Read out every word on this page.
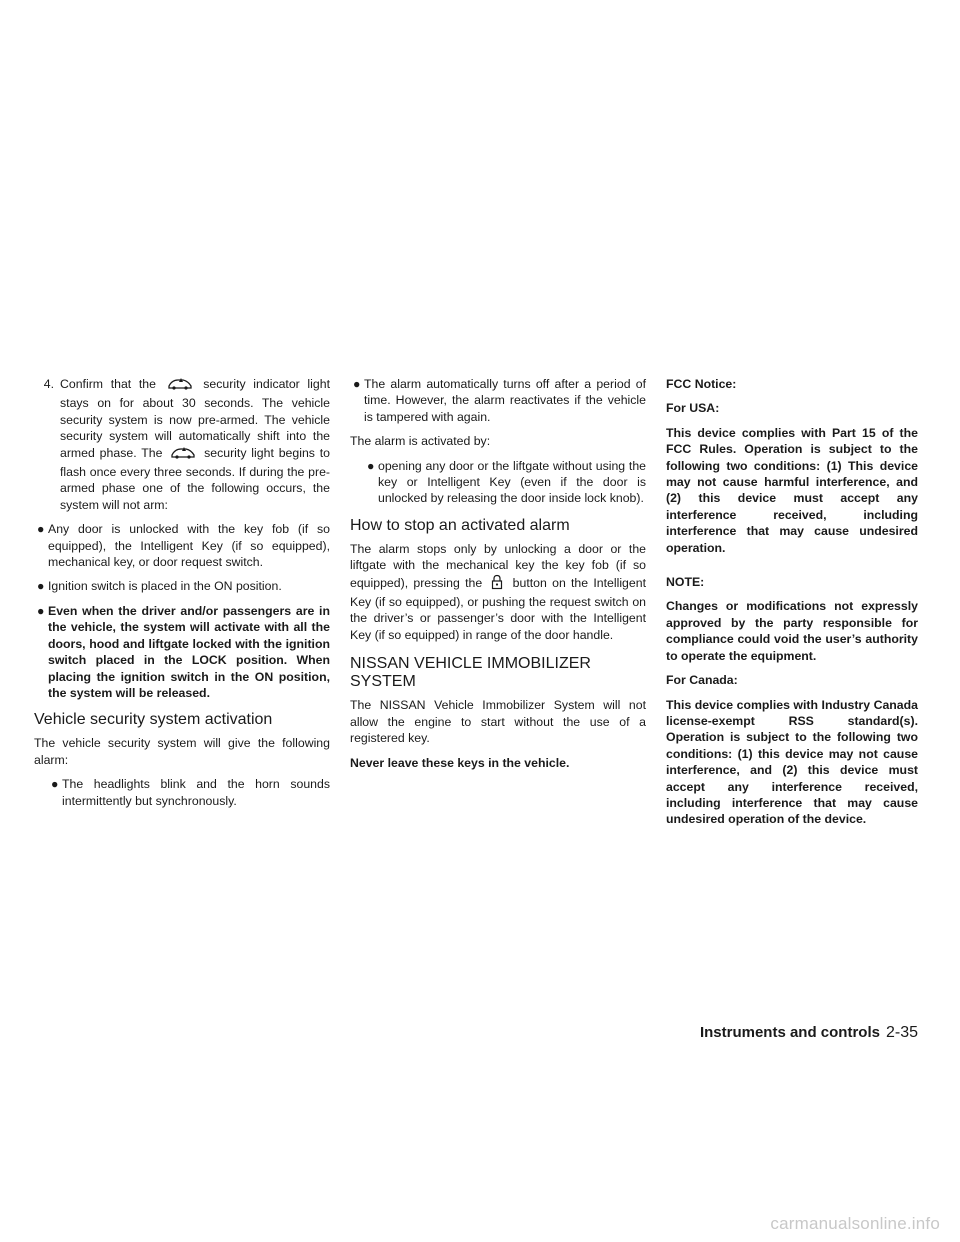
4. Confirm that the	security indicator light stays on for about 30 seconds. The vehicle security system is now pre-armed. The vehicle security system will automatically shift into the armed phase. The	security light begins to flash once every three seconds. If during the pre-armed phase one of the following occurs, the system will not arm:
● Any door is unlocked with the key fob (if so equipped), the Intelligent Key (if so equipped), mechanical key, or door request switch.
● Ignition switch is placed in the ON position.
● Even when the driver and/or passengers are in the vehicle, the system will activate with all the doors, hood and liftgate locked with the ignition switch placed in the LOCK position. When placing the ignition switch in the ON position, the system will be released.
Vehicle security system activation

The vehicle security system will give the following alarm:

● The headlights blink and the horn sounds intermittently but synchronously.
● The alarm automatically turns off after a period of time. However, the alarm reactivates if the vehicle is tampered with again.

The alarm is activated by:

● opening any door or the liftgate without using the key or Intelligent Key (even if the door is unlocked by releasing the door inside lock knob).
How to stop an activated alarm

The alarm stops only by unlocking a door or the liftgate with the mechanical key the key fob (if so equipped), pressing the button on the Intelligent Key (if so equipped), or pushing the request switch on the driver’s or passenger’s door with the Intelligent Key (if so equipped) in range of the door handle.

NISSAN VEHICLE IMMOBILIZER SYSTEM

The NISSAN Vehicle Immobilizer System will not allow the engine to start without the use of a registered key.

Never leave these keys in the vehicle.

FCC Notice:

For USA:

This device complies with Part 15 of the FCC Rules. Operation is subject to the following two conditions: (1) This device may not cause harmful interference, and (2) this device must accept any interference received, including interference that may cause undesired operation.

NOTE:

Changes or modifications not expressly approved by the party responsible for compliance could void the user’s authority to operate the equipment.

For Canada:

This device complies with Industry Canada license-exempt RSS standard(s). Operation is subject to the following two conditions: (1) this device may not cause interference, and (2) this device must accept any interference received, including interference that may cause undesired operation of the device.

Instruments and controls 2-35
carmanualsonline.info
